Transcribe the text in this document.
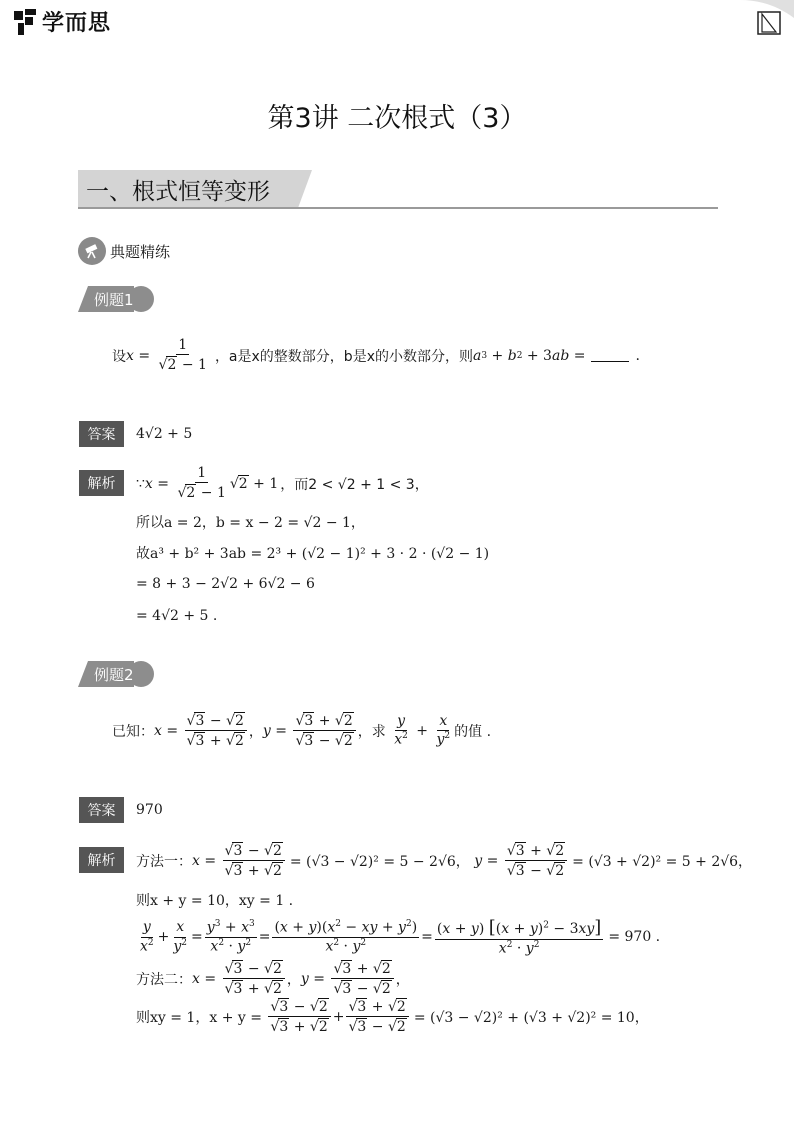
学而思
第3讲 二次根式（3）
一、根式恒等变形
典题精练
例题1
设 $x = \frac{1}{√2 - 1}$ ，a是x的整数部分，b是x的小数部分，则 a 3 + b 2 + 3 ab =	.
答案	4√2 + 5
解析	∵ $x = \frac{1}{√2 - 1}$ √ 2 + 1 ，而2 < √2 + 1 < 3，
所以a = 2，b = x − 2 = √2 − 1，
故a³ + b² + 3ab = 2³ + (√2 − 1)² + 3 · 2 · (√2 − 1)
= 8 + 3 − 2√2 + 6√2 − 6
= 4√2 + 5 .
例题2
已知： $x = \frac{√3 - √2}{√3 + √2}$ ， $y = \frac{√3 + √2}{√3 - √2}$ ，求 $\frac{y}{x^2} + \frac{x}{y^2}$ 的值 .
答案	970
解析	方法一： $x = \frac{√3 - √2}{√3 + √2} = (√3 - √2)^2 = 5 - 2√6$，
$y = \frac{√3 + √2}{√3 - √2} = (√3 + √2)^2 = 5 + 2√6$，
则x + y = 10，xy = 1 .
$\frac{y}{x^2} + \frac{x}{y^2} = \frac{y^3 + x^3}{x^2 \cdot y^2} = \frac{(x + y)(x^2 - xy + y^2)}{x^2 \cdot y^2} = \frac{(x + y) [(x + y)^2 - 3xy]}{x^2 \cdot y^2} = 970$ .
方法二： $x = \frac{√3 - √2}{√3 + √2}$ ， $y = \frac{√3 + √2}{√3 - √2}$ ，
则xy = 1，x + y =
$\frac{√3 - √2}{√3 + √2} + \frac{√3 + √2}{√3 - √2} = (√3 - √2)^2 + (√3 + √2)^2 = 10$，
